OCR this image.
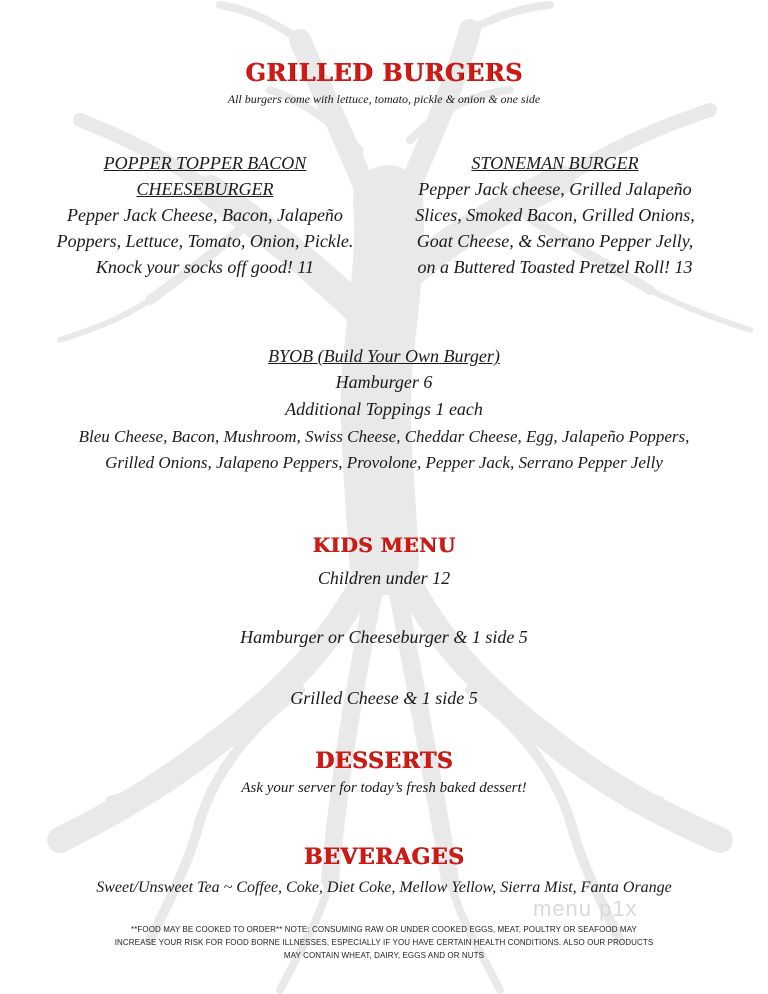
GRILLED BURGERS
All burgers come with lettuce, tomato, pickle & onion & one side
POPPER TOPPER BACON
CHEESEBURGER
Pepper Jack Cheese, Bacon, Jalapeño
Poppers, Lettuce, Tomato, Onion, Pickle.
Knock your socks off good! 11
STONEMAN BURGER
Pepper Jack cheese, Grilled Jalapeño
Slices, Smoked Bacon, Grilled Onions,
Goat Cheese, & Serrano Pepper Jelly,
on a Buttered Toasted Pretzel Roll! 13
BYOB (Build Your Own Burger)
Hamburger 6
Additional Toppings 1 each
Bleu Cheese, Bacon, Mushroom, Swiss Cheese, Cheddar Cheese, Egg, Jalapeño Poppers,
Grilled Onions, Jalapeno Peppers, Provolone, Pepper Jack, Serrano Pepper Jelly
KIDS MENU
Children under 12
Hamburger or Cheeseburger & 1 side 5
Grilled Cheese & 1 side 5
DESSERTS
Ask your server for today’s fresh baked dessert!
BEVERAGES
Sweet/Unsweet Tea ~ Coffee, Coke, Diet Coke, Mellow Yellow, Sierra Mist, Fanta Orange
**FOOD MAY BE COOKED TO ORDER** NOTE: CONSUMING RAW OR UNDER COOKED EGGS, MEAT, POULTRY OR SEAFOOD MAY
INCREASE YOUR RISK FOR FOOD BORNE ILLNESSES, ESPECIALLY IF YOU HAVE CERTAIN HEALTH CONDITIONS. ALSO OUR PRODUCTS
MAY CONTAIN WHEAT, DAIRY, EGGS AND OR NUTS
menu p1x
